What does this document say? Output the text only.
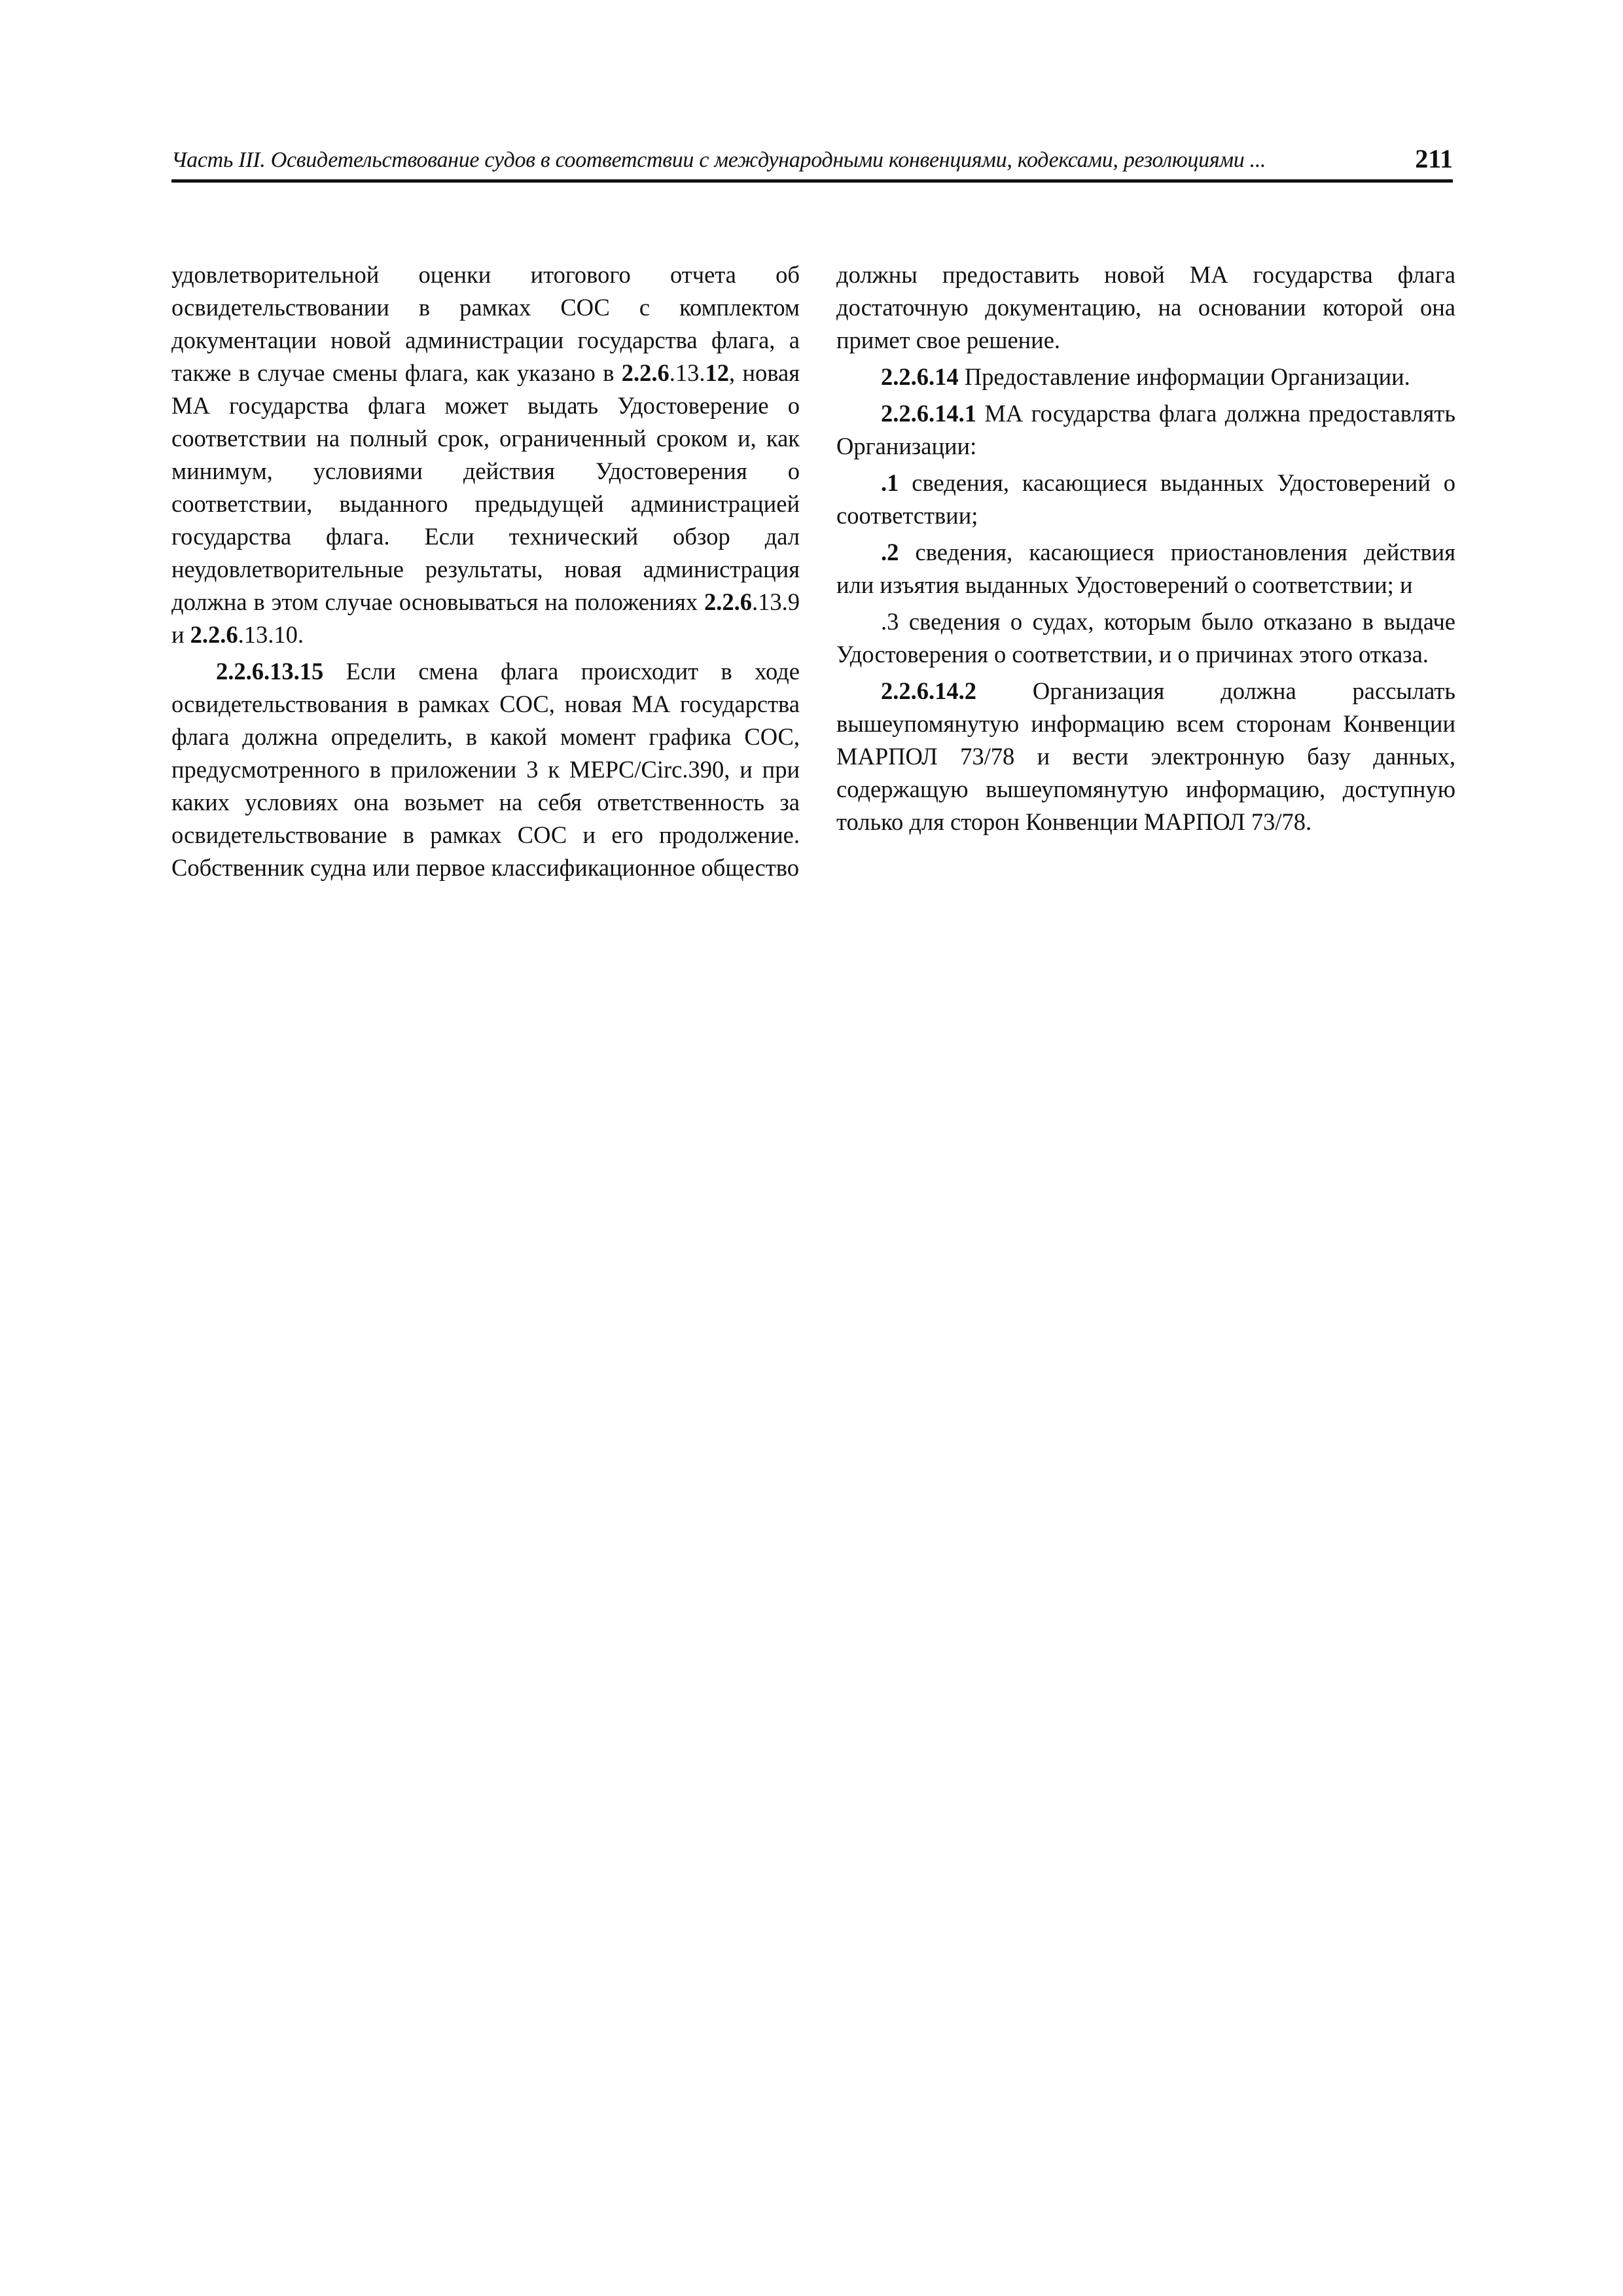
Часть III. Освидетельствование судов в соответствии с международными конвенциями, кодексами, резолюциями ...	211

удовлетворительной оценки итогового отчета об освидетельствовании в рамках СОС с комплектом документации новой администрации государства флага, а также в случае смены флага, как указано в 2.2.6.13.12, новая МА государства флага может выдать Удостоверение о соответствии на полный срок, ограниченный сроком и, как минимум, условиями действия Удостоверения о соответствии, выданного предыдущей администрацией государства флага. Если технический обзор дал неудовлетворительные результаты, новая администрация должна в этом случае основываться на положениях 2.2.6.13.9 и 2.2.6.13.10.

2.2.6.13.15 Если смена флага происходит в ходе освидетельствования в рамках СОС, новая МА государства флага должна определить, в какой момент графика СОС, предусмотренного в приложении 3 к MEPC/Circ.390, и при каких условиях она возьмет на себя ответственность за освидетельствование в рамках СОС и его продолжение. Собственник судна или первое классификационное общество

должны предоставить новой МА государства флага достаточную документацию, на основании которой она примет свое решение.

2.2.6.14 Предоставление информации Организации.

2.2.6.14.1 МА государства флага должна предоставлять Организации:

.1 сведения, касающиеся выданных Удостоверений о соответствии;

.2 сведения, касающиеся приостановления действия или изъятия выданных Удостоверений о соответствии; и

.3 сведения о судах, которым было отказано в выдаче Удостоверения о соответствии, и о причинах этого отказа.

2.2.6.14.2 Организация должна рассылать вышеупомянутую информацию всем сторонам Конвенции МАРПОЛ 73/78 и вести электронную базу данных, содержащую вышеупомянутую информацию, доступную только для сторон Конвенции МАРПОЛ 73/78.
